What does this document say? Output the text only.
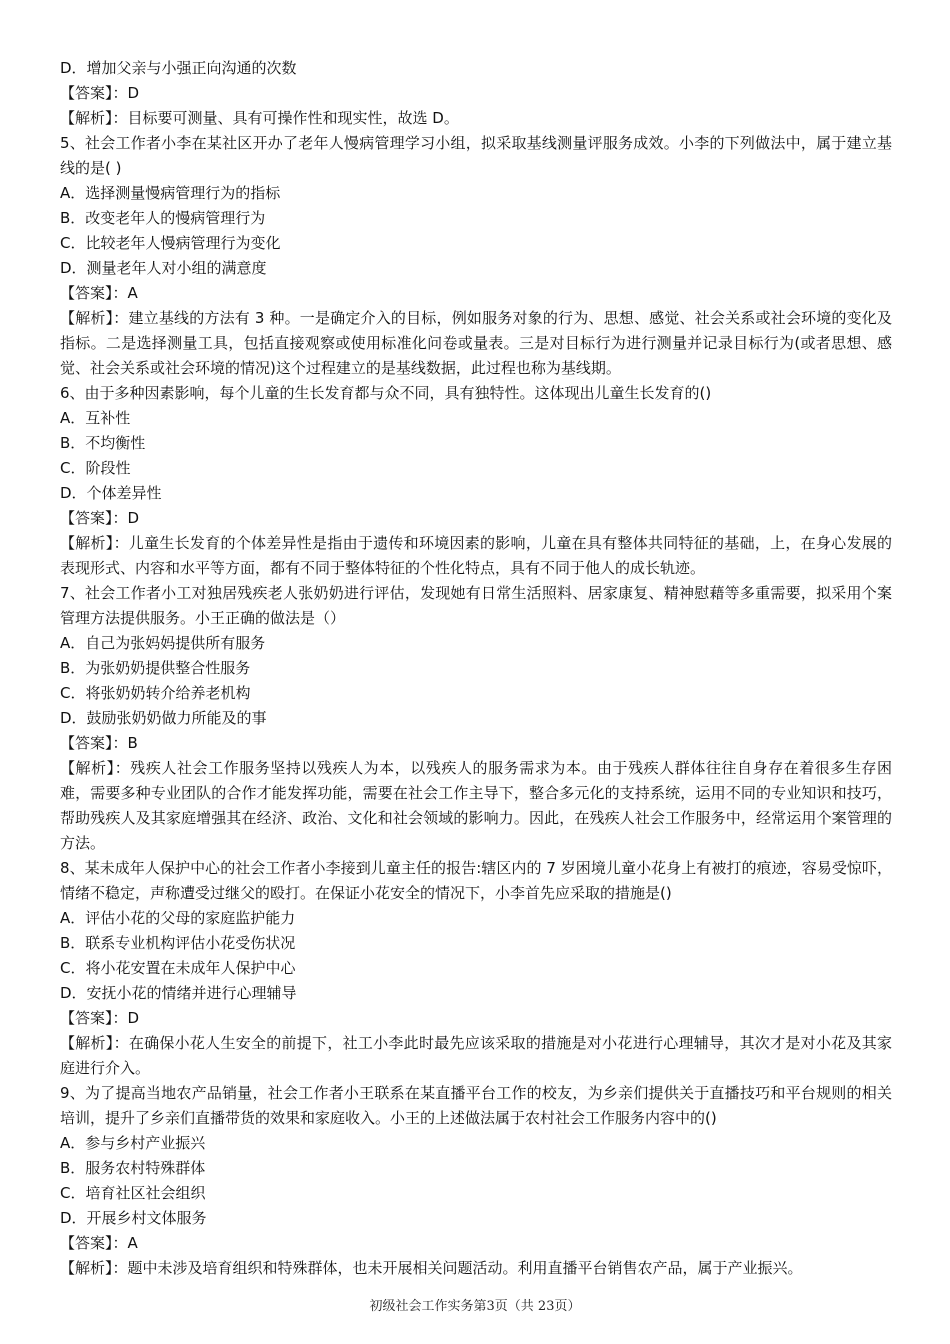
D．增加父亲与小强正向沟通的次数
【答案】：D
【解析】：目标要可测量、具有可操作性和现实性，故选 D。
5、社会工作者小李在某社区开办了老年人慢病管理学习小组，拟采取基线测量评服务成效。小李的下列做法中，属于建立基线的是( )
A．选择测量慢病管理行为的指标
B．改变老年人的慢病管理行为
C．比较老年人慢病管理行为变化
D．测量老年人对小组的满意度
【答案】：A
【解析】：建立基线的方法有 3 种。一是确定介入的目标，例如服务对象的行为、思想、感觉、社会关系或社会环境的变化及指标。二是选择测量工具，包括直接观察或使用标准化问卷或量表。三是对目标行为进行测量并记录目标行为(或者思想、感觉、社会关系或社会环境的情况)这个过程建立的是基线数据，此过程也称为基线期。
6、由于多种因素影响，每个儿童的生长发育都与众不同，具有独特性。这体现出儿童生长发育的()
A．互补性
B．不均衡性
C．阶段性
D．个体差异性
【答案】：D
【解析】：儿童生长发育的个体差异性是指由于遗传和环境因素的影响，儿童在具有整体共同特征的基础，上，在身心发展的表现形式、内容和水平等方面，都有不同于整体特征的个性化特点，具有不同于他人的成长轨迹。
7、社会工作者小工对独居残疾老人张奶奶进行评估，发现她有日常生活照料、居家康复、精神慰藉等多重需要，拟采用个案管理方法提供服务。小王正确的做法是（）
A．自己为张妈妈提供所有服务
B．为张奶奶提供整合性服务
C．将张奶奶转介给养老机构
D．鼓励张奶奶做力所能及的事
【答案】：B
【解析】：残疾人社会工作服务坚持以残疾人为本，以残疾人的服务需求为本。由于残疾人群体往往自身存在着很多生存困难，需要多种专业团队的合作才能发挥功能，需要在社会工作主导下，整合多元化的支持系统，运用不同的专业知识和技巧，帮助残疾人及其家庭增强其在经济、政治、文化和社会领域的影响力。因此，在残疾人社会工作服务中，经常运用个案管理的方法。
8、某未成年人保护中心的社会工作者小李接到儿童主任的报告:辖区内的 7 岁困境儿童小花身上有被打的痕迹，容易受惊吓，情绪不稳定，声称遭受过继父的殴打。在保证小花安全的情况下，小李首先应采取的措施是()
A．评估小花的父母的家庭监护能力
B．联系专业机构评估小花受伤状况
C．将小花安置在未成年人保护中心
D．安抚小花的情绪并进行心理辅导
【答案】：D
【解析】：在确保小花人生安全的前提下，社工小李此时最先应该采取的措施是对小花进行心理辅导，其次才是对小花及其家庭进行介入。
9、为了提高当地农产品销量，社会工作者小王联系在某直播平台工作的校友，为乡亲们提供关于直播技巧和平台规则的相关培训，提升了乡亲们直播带货的效果和家庭收入。小王的上述做法属于农村社会工作服务内容中的()
A．参与乡村产业振兴
B．服务农村特殊群体
C．培育社区社会组织
D．开展乡村文体服务
【答案】：A
【解析】：题中未涉及培育组织和特殊群体，也未开展相关问题活动。利用直播平台销售农产品，属于产业振兴。
初级社会工作实务第3页（共 23页）
